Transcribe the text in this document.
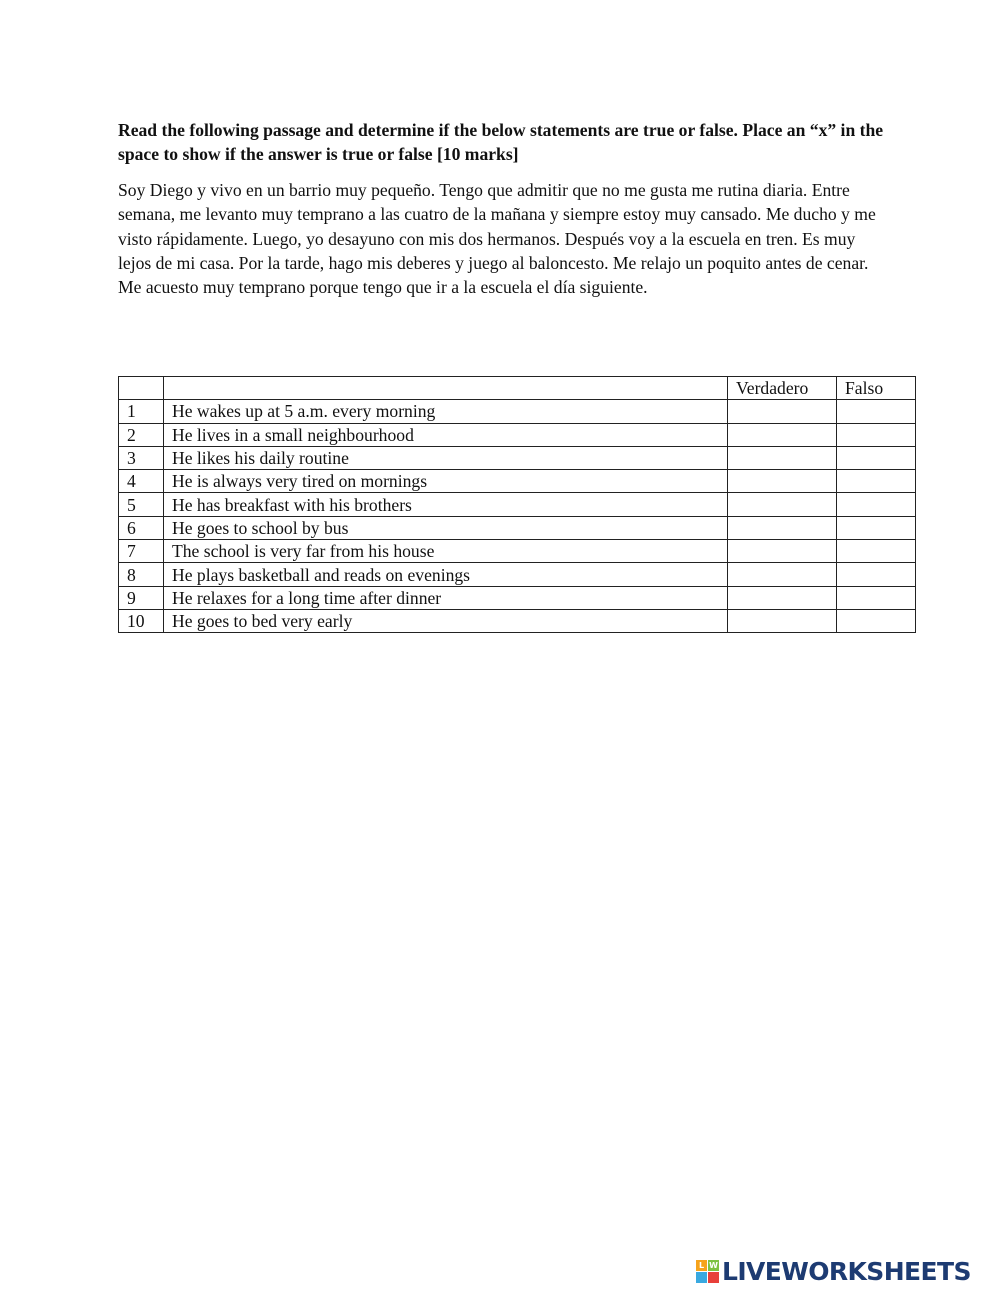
Read the following passage and determine if the below statements are true or false. Place an “x” in the space to show if the answer is true or false [10 marks]

Soy Diego y vivo en un barrio muy pequeño. Tengo que admitir que no me gusta me rutina diaria. Entre semana, me levanto muy temprano a las cuatro de la mañana y siempre estoy muy cansado. Me ducho y me visto rápidamente. Luego, yo desayuno con mis dos hermanos. Después voy a la escuela en tren. Es muy lejos de mi casa. Por la tarde, hago mis deberes y juego al baloncesto. Me relajo un poquito antes de cenar. Me acuesto muy temprano porque tengo que ir a la escuela el día siguiente.

		Verdadero	Falso
1	He wakes up at 5 a.m. every morning		
2	He lives in a small neighbourhood		
3	He likes his daily routine		
4	He is always very tired on mornings		
5	He has breakfast with his brothers		
6	He goes to school by bus		
7	The school is very far from his house		
8	He plays basketball and reads on evenings		
9	He relaxes for a long time after dinner		
10	He goes to bed very early		
L W LIVEWORKSHEETS
